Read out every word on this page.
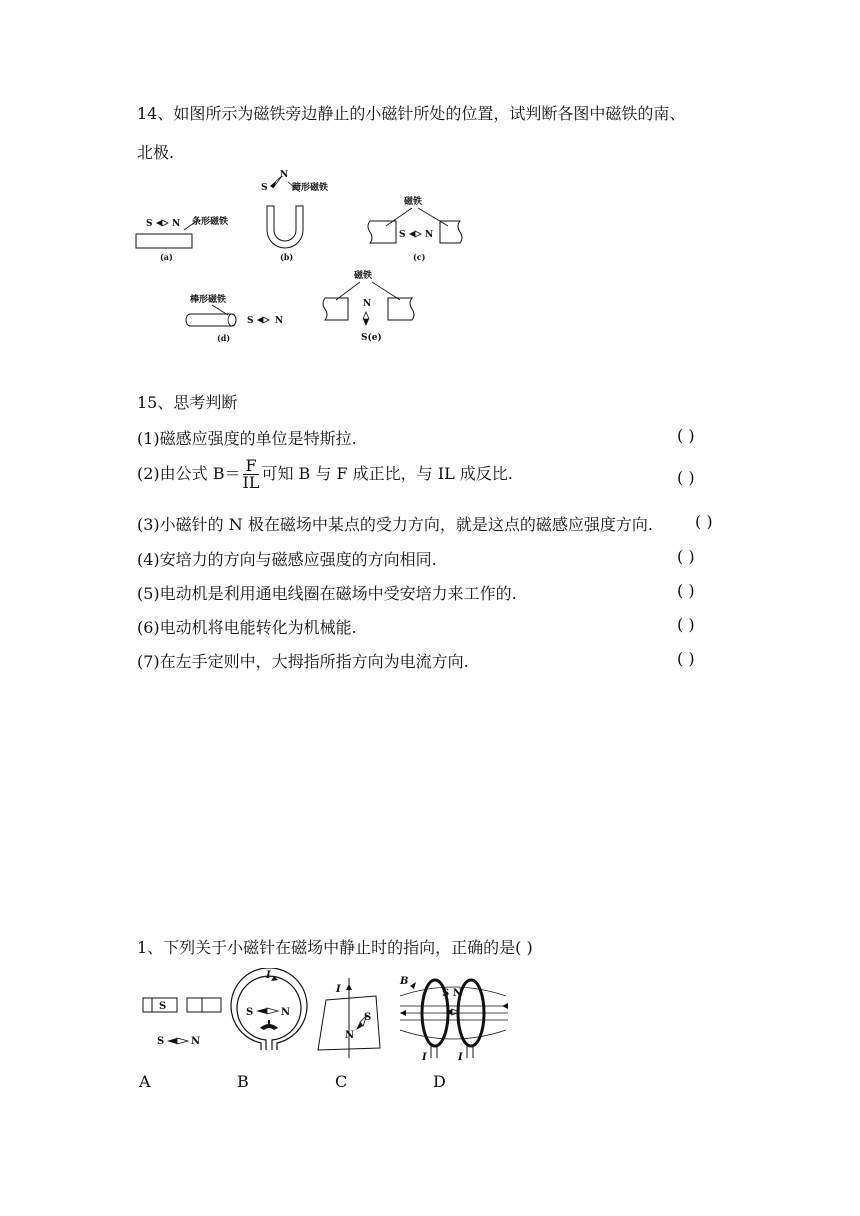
14、如图所示为磁铁旁边静止的小磁针所处的位置，试判断各图中磁铁的南、
北极.
S N 条形磁铁
(a)
S
N
蹄形磁铁
(b)
S N
磁铁
(c)
棒形磁铁
S N
(d)
磁铁
N
S(e)
15、思考判断
(1)磁感应强度的单位是特斯拉.	( )
(2)由公式 $B= \frac{F}{IL}$ 可知 B 与 F 成正比，与 IL 成反比.	( )
(3)小磁针的 N 极在磁场中某点的受力方向，就是这点的磁感应强度方向.	( )
(4)安培力的方向与磁感应强度的方向相同.	( )
(5)电动机是利用通电线圈在磁场中受安培力来工作的.	( )
(6)电动机将电能转化为机械能.	( )
(7)在左手定则中，大拇指所指方向为电流方向.	( )
1、下列关于小磁针在磁场中静止时的指向，正确的是( )
S
S	N
I
S	N
I
N
S
B
S N
I	I
A	B	C	D
